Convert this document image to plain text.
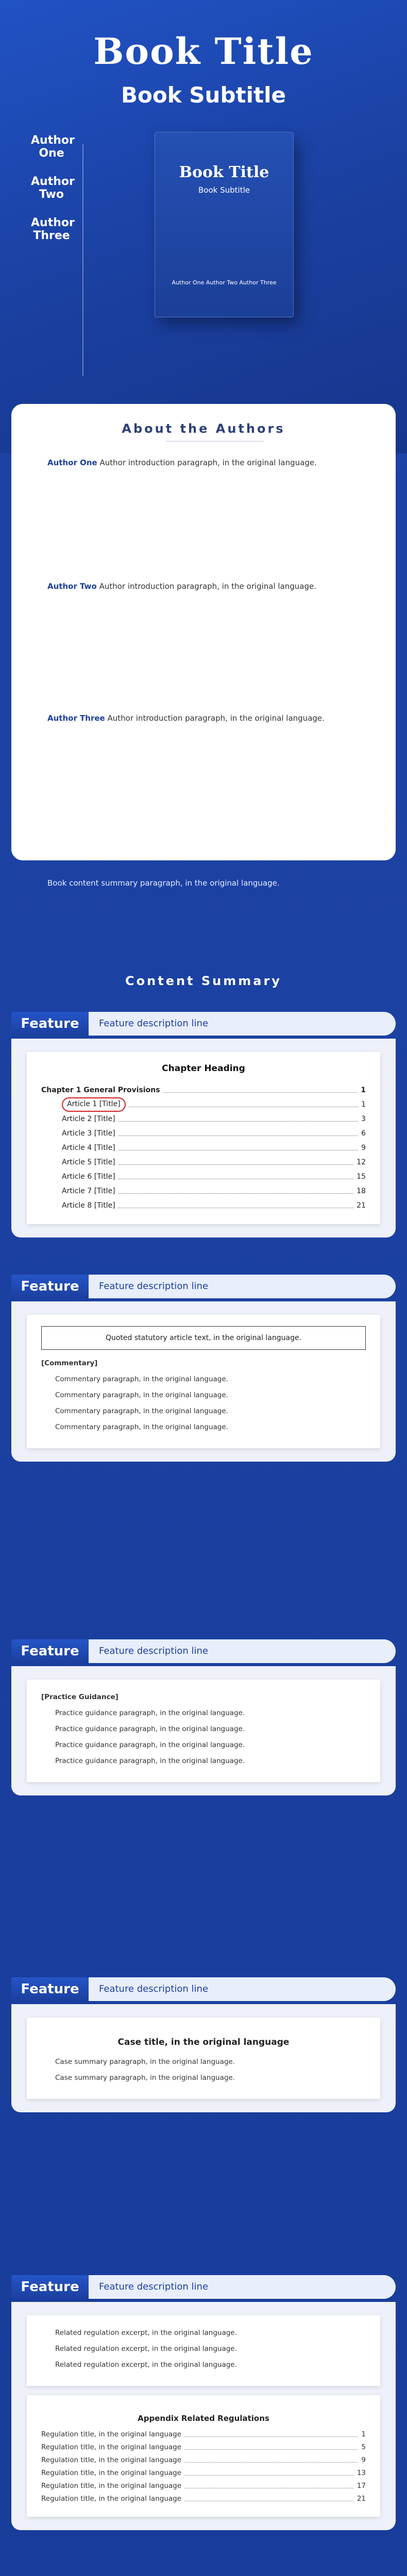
Book Title
Book Subtitle
Author One
Author Two
Author Three
Book Title
Book Subtitle
Author One Author Two Author Three
About the Authors
Author One Author introduction paragraph, in the original language.
Author Two Author introduction paragraph, in the original language.
Author Three Author introduction paragraph, in the original language.
Book content summary paragraph, in the original language.
Content Summary
Feature	Feature description line
Chapter Heading
Chapter 1 General Provisions	1
Article 1 [Title]	1
Article 2 [Title]	3
Article 3 [Title]	6
Article 4 [Title]	9
Article 5 [Title]	12
Article 6 [Title]	15
Article 7 [Title]	18
Article 8 [Title]	21
Feature	Feature description line
Quoted statutory article text, in the original language.
[Commentary]
Commentary paragraph, in the original language.
Commentary paragraph, in the original language.
Commentary paragraph, in the original language.
Commentary paragraph, in the original language.
Feature	Feature description line
[Practice Guidance]
Practice guidance paragraph, in the original language.
Practice guidance paragraph, in the original language.
Practice guidance paragraph, in the original language.
Practice guidance paragraph, in the original language.
Feature	Feature description line
Case title, in the original language
Case summary paragraph, in the original language.
Case summary paragraph, in the original language.
Feature	Feature description line
Related regulation excerpt, in the original language.
Related regulation excerpt, in the original language.
Related regulation excerpt, in the original language.
Appendix Related Regulations
Regulation title, in the original language	1
Regulation title, in the original language	5
Regulation title, in the original language	9
Regulation title, in the original language	13
Regulation title, in the original language	17
Regulation title, in the original language	21
